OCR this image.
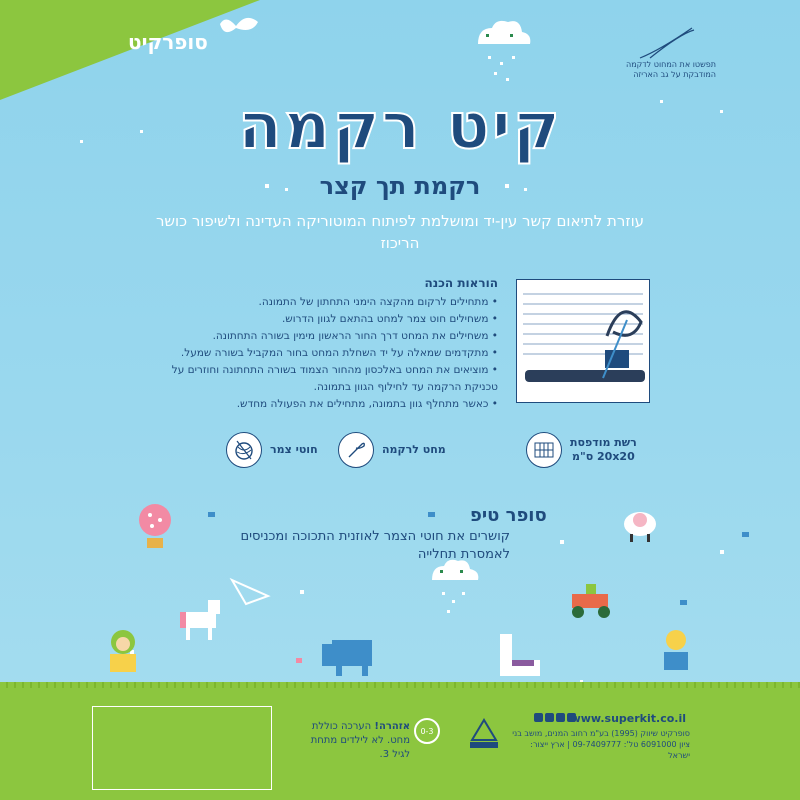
סופרקיט
תפשטו את המחוט לדקמה המודבקת על גב האריזה
קיט רקמה
רקמת תך קצר
עוזרת לתיאום קשר עין-יד ומושלמת לפיתוח המוטוריקה העדינה ולשיפור כושר הריכוז
הוראות הכנה
• מתחילים לרקום מהקצה הימני התחתון של התמונה.
• משחילים חוט צמר למחט בהתאם לגוון הדרוש.
• משחילים את המחט דרך החור הראשון מימין בשורה התחתונה.
• מתקדמים שמאלה על יד השחלת המחט בחור המקביל בשורה שמעל.
• מוציאים את המחט באלכסון מהחור הצמוד בשורה התחתונה וחוזרים על טכניקת הרקמה עד לחילוף הגוון בתמונה.
• כאשר מתחלף גוון בתמונה, מתחילים את הפעולה מחדש.
רשת מודפסת
20x20 ס"מ
מחט לרקמה
חוטי צמר
סופר טיפ
קושרים את חוטי הצמר לאוזנית התכוכה ומכניסים לאמסרת תחלייה
אזהרה! הערכה כוללת מחט. לא לילדים מתחת לגיל 3.
0-3
www.superkit.co.il
סופרקיט שיווק (1995) בע"מ רחוב המנים, מושב בני ציון 6091000 טל': 09-7409777 | ארץ ייצור: ישראל
